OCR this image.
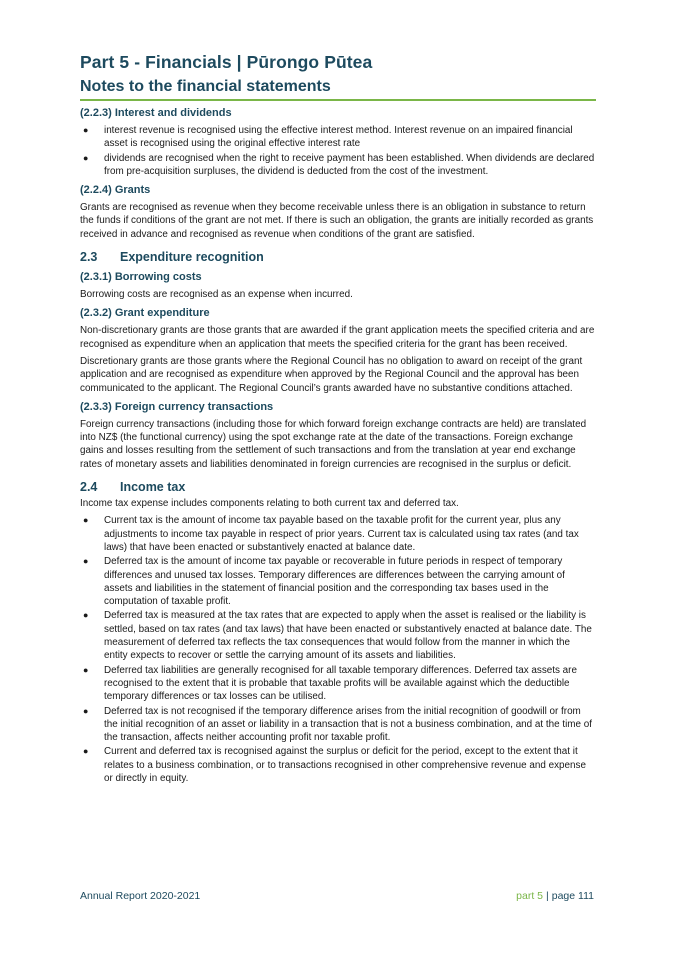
Part 5 - Financials | Pūrongo Pūtea
Notes to the financial statements
(2.2.3) Interest and dividends
● interest revenue is recognised using the effective interest method. Interest revenue on an impaired financial asset is recognised using the original effective interest rate
● dividends are recognised when the right to receive payment has been established. When dividends are declared from pre-acquisition surpluses, the dividend is deducted from the cost of the investment.
(2.2.4) Grants

Grants are recognised as revenue when they become receivable unless there is an obligation in substance to return the funds if conditions of the grant are not met. If there is such an obligation, the grants are initially recorded as grants received in advance and recognised as revenue when conditions of the grant are satisfied.

2.3	Expenditure recognition
(2.3.1) Borrowing costs

Borrowing costs are recognised as an expense when incurred.

(2.3.2) Grant expenditure

Non-discretionary grants are those grants that are awarded if the grant application meets the specified criteria and are recognised as expenditure when an application that meets the specified criteria for the grant has been received.

Discretionary grants are those grants where the Regional Council has no obligation to award on receipt of the grant application and are recognised as expenditure when approved by the Regional Council and the approval has been communicated to the applicant. The Regional Council’s grants awarded have no substantive conditions attached.

(2.3.3) Foreign currency transactions

Foreign currency transactions (including those for which forward foreign exchange contracts are held) are translated into NZ$ (the functional currency) using the spot exchange rate at the date of the transactions. Foreign exchange gains and losses resulting from the settlement of such transactions and from the translation at year end exchange rates of monetary assets and liabilities denominated in foreign currencies are recognised in the surplus or deficit.

2.4	Income tax

Income tax expense includes components relating to both current tax and deferred tax.

● Current tax is the amount of income tax payable based on the taxable profit for the current year, plus any adjustments to income tax payable in respect of prior years. Current tax is calculated using tax rates (and tax laws) that have been enacted or substantively enacted at balance date.
● Deferred tax is the amount of income tax payable or recoverable in future periods in respect of temporary differences and unused tax losses. Temporary differences are differences between the carrying amount of assets and liabilities in the statement of financial position and the corresponding tax bases used in the computation of taxable profit.
● Deferred tax is measured at the tax rates that are expected to apply when the asset is realised or the liability is settled, based on tax rates (and tax laws) that have been enacted or substantively enacted at balance date. The measurement of deferred tax reflects the tax consequences that would follow from the manner in which the entity expects to recover or settle the carrying amount of its assets and liabilities.
● Deferred tax liabilities are generally recognised for all taxable temporary differences. Deferred tax assets are recognised to the extent that it is probable that taxable profits will be available against which the deductible temporary differences or tax losses can be utilised.
● Deferred tax is not recognised if the temporary difference arises from the initial recognition of goodwill or from the initial recognition of an asset or liability in a transaction that is not a business combination, and at the time of the transaction, affects neither accounting profit nor taxable profit.
● Current and deferred tax is recognised against the surplus or deficit for the period, except to the extent that it relates to a business combination, or to transactions recognised in other comprehensive revenue and expense or directly in equity.
Annual Report 2020-2021	part 5 | page 111
